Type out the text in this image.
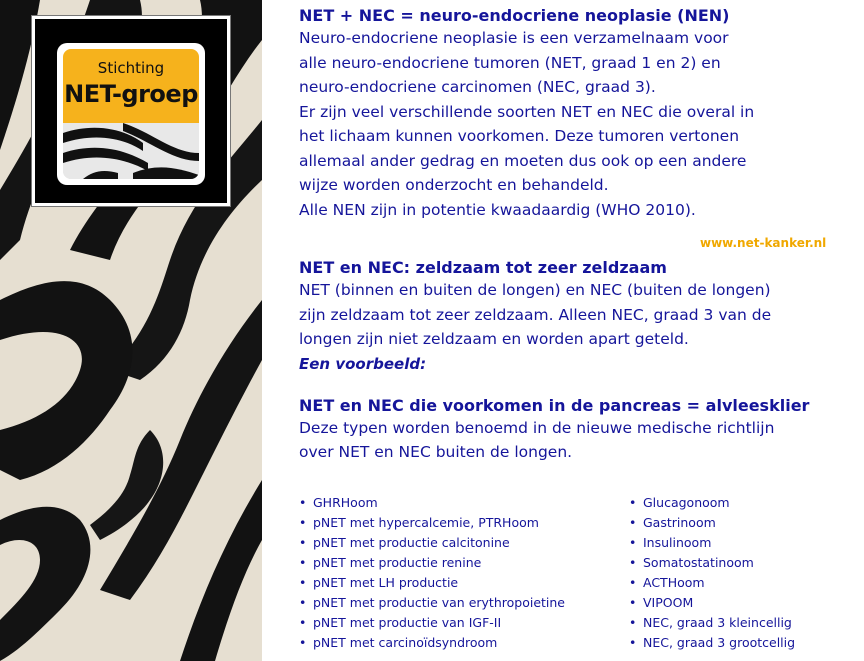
Stichting
NET-groep
NET + NEC = neuro-endocriene neoplasie (NEN)
Neuro-endocriene neoplasie is een verzamelnaam voor
alle neuro-endocriene tumoren (NET, graad 1 en 2) en
neuro-endocriene carcinomen (NEC, graad 3).
Er zijn veel verschillende soorten NET en NEC die overal in
het lichaam kunnen voorkomen. Deze tumoren vertonen
allemaal ander gedrag en moeten dus ook op een andere
wijze worden onderzocht en behandeld.
Alle NEN zijn in potentie kwaadaardig (WHO 2010).
NET en NEC: zeldzaam tot zeer zeldzaam
NET (binnen en buiten de longen) en NEC (buiten de longen)
zijn zeldzaam tot zeer zeldzaam. Alleen NEC, graad 3 van de
longen zijn niet zeldzaam en worden apart geteld.
Een voorbeeld:
NET en NEC die voorkomen in de pancreas = alvleesklier
Deze typen worden benoemd in de nieuwe medische richtlijn
over NET en NEC buiten de longen.
www.net-kanker.nl
• GHRHoom
• pNET met hypercalcemie, PTRHoom
• pNET met productie calcitonine
• pNET met productie renine
• pNET met LH productie
• pNET met productie van erythropoietine
• pNET met productie van IGF-II
• pNET met carcinoïdsyndroom
• Glucagonoom
• Gastrinoom
• Insulinoom
• Somatostatinoom
• ACTHoom
• VIPOOM
• NEC, graad 3 kleincellig
• NEC, graad 3 grootcellig
